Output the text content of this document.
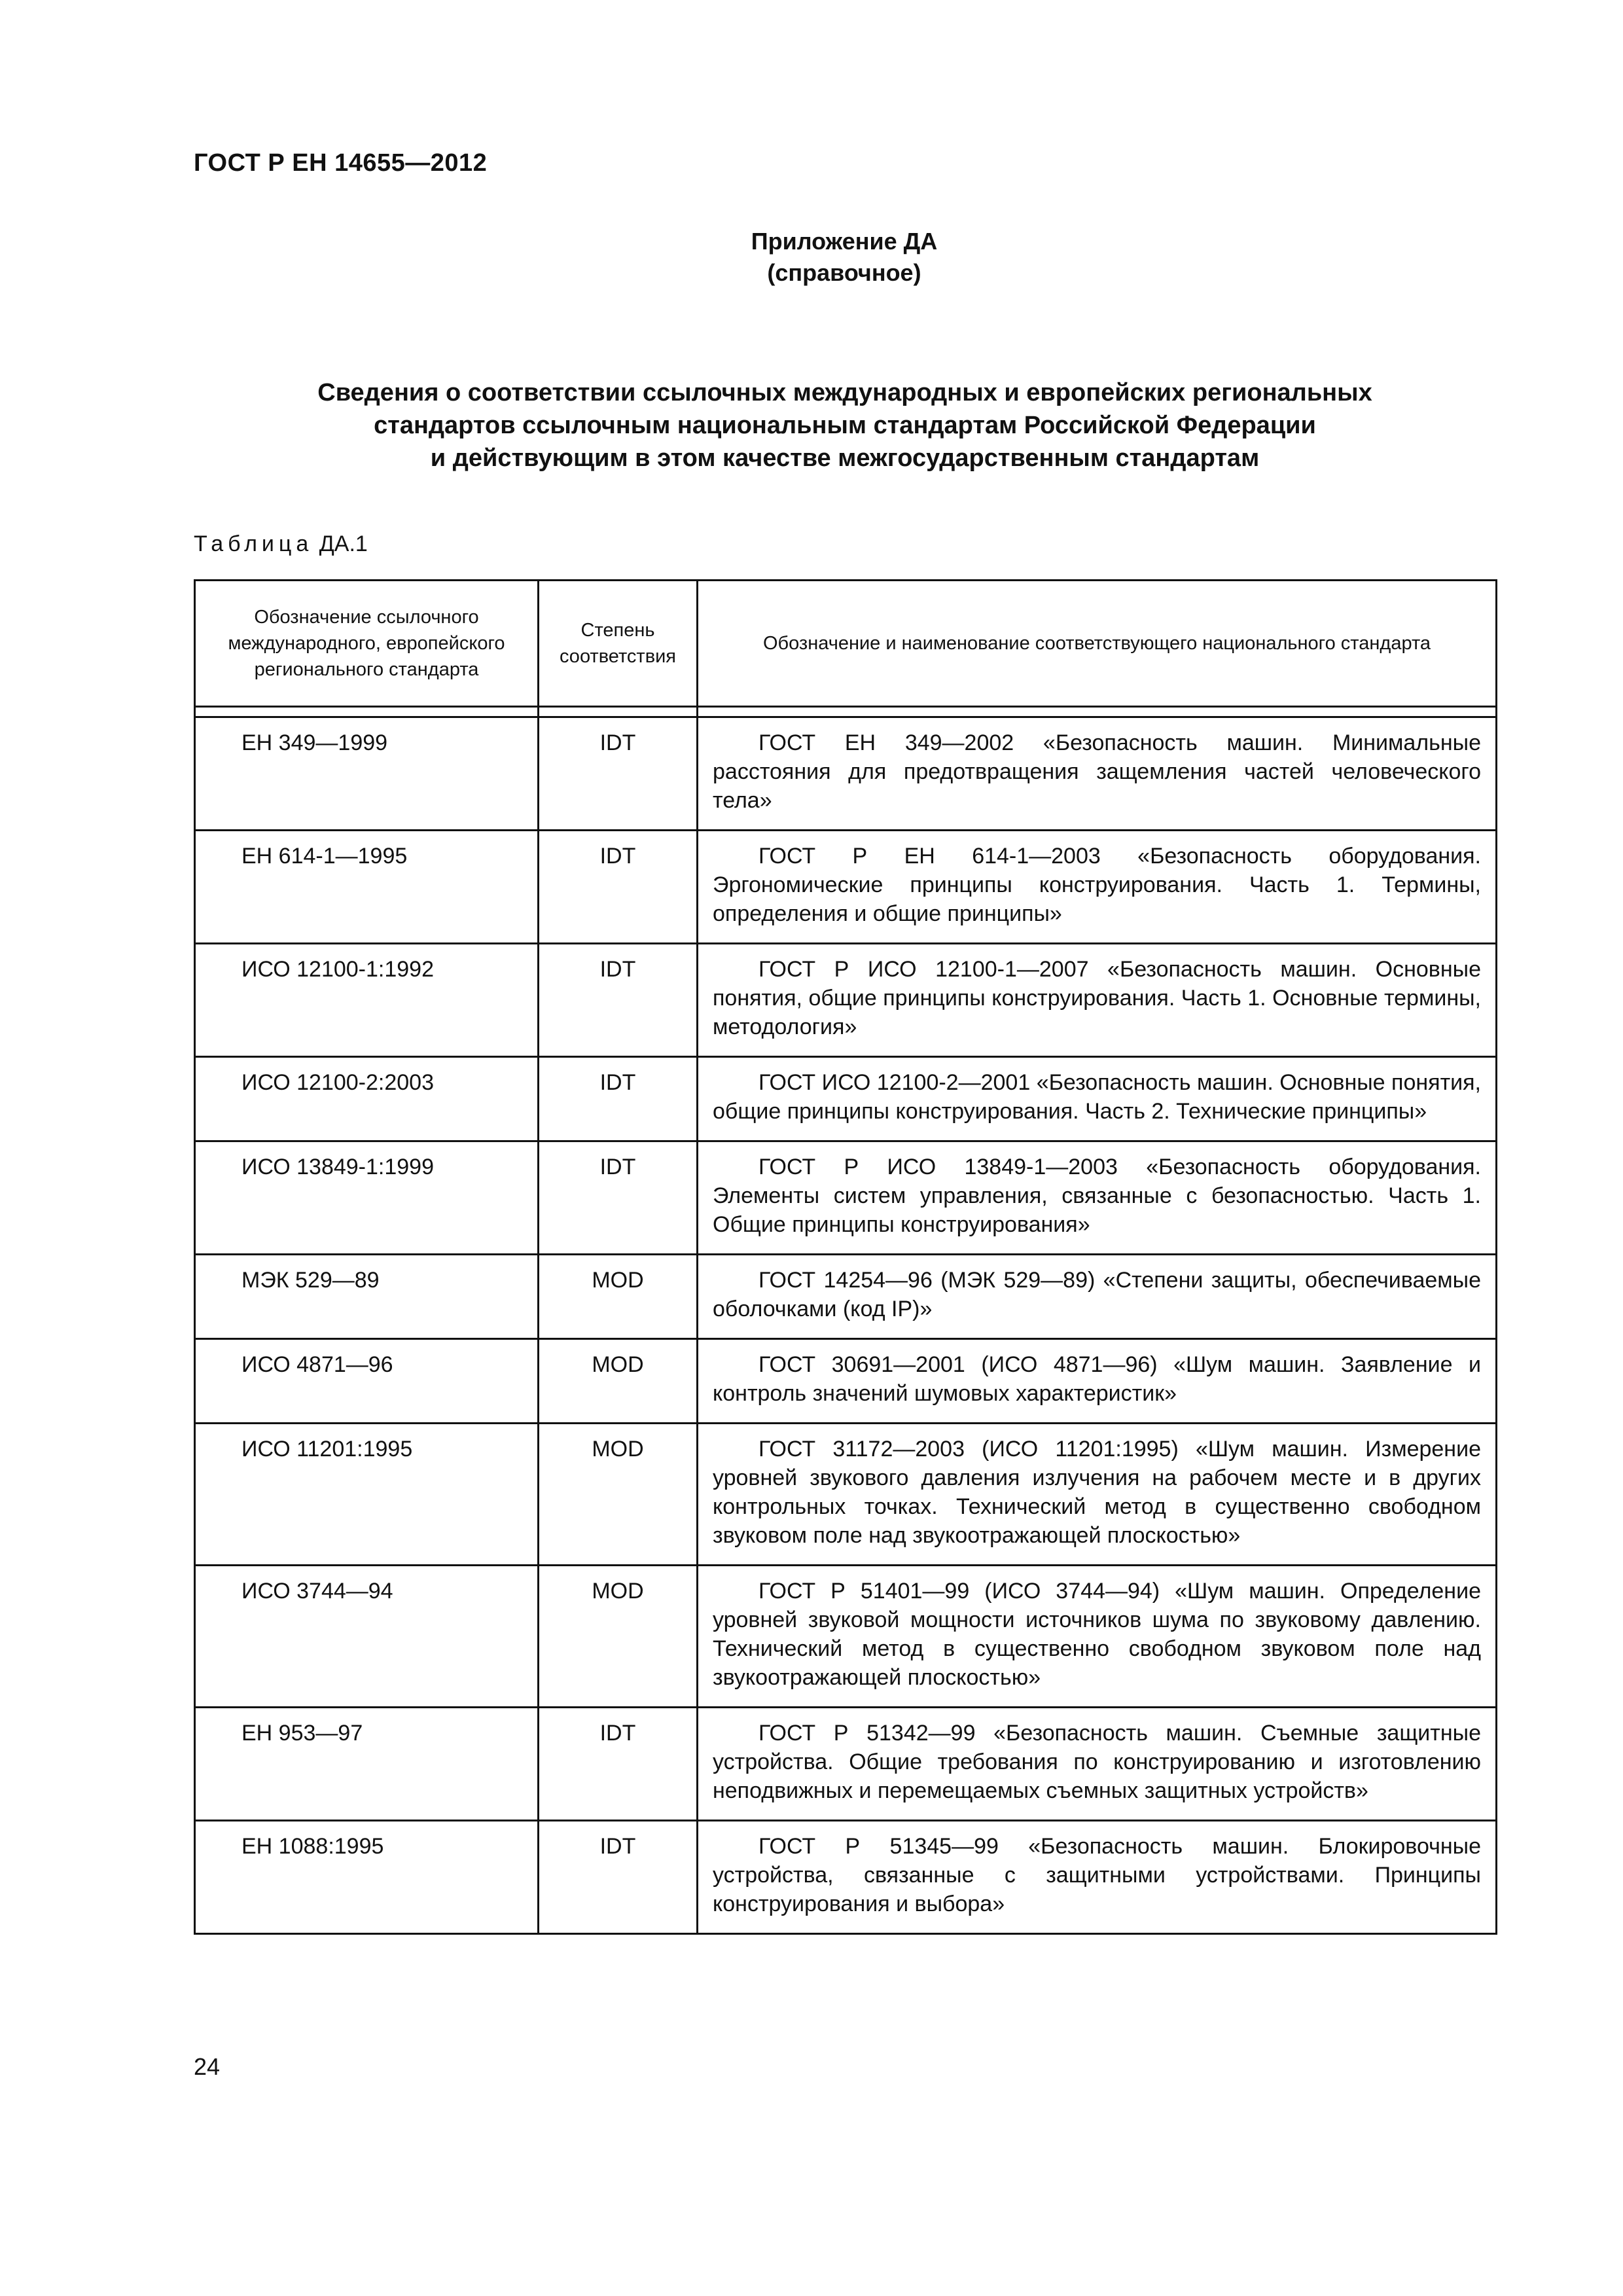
ГОСТ Р ЕН 14655—2012
Приложение ДА
(справочное)
Сведения о соответствии ссылочных международных и европейских региональных
стандартов ссылочным национальным стандартам Российской Федерации
и действующим в этом качестве межгосударственным стандартам
Таблица ДА.1
Обозначение ссылочного международного, европейского регионального стандарта	Степень соответствия	Обозначение и наименование соответствующего национального стандарта

ЕН 349—1999	IDT	ГОСТ ЕН 349—2002 «Безопасность машин. Минимальные расстояния для предотвращения защемления частей человеческого тела»

ЕН 614-1—1995	IDT	ГОСТ Р ЕН 614-1—2003 «Безопасность оборудования. Эргономические принципы конструирования. Часть 1. Термины, определения и общие принципы»

ИСО 12100-1:1992	IDT	ГОСТ Р ИСО 12100-1—2007 «Безопасность машин. Основные понятия, общие принципы конструирования. Часть 1. Основные термины, методология»

ИСО 12100-2:2003	IDT	ГОСТ ИСО 12100-2—2001 «Безопасность машин. Основные понятия, общие принципы конструирования. Часть 2. Технические принципы»

ИСО 13849-1:1999	IDT	ГОСТ Р ИСО 13849-1—2003 «Безопасность оборудования. Элементы систем управления, связанные с безопасностью. Часть 1. Общие принципы конструирования»

МЭК 529—89	MOD	ГОСТ 14254—96 (МЭК 529—89) «Степени защиты, обеспечиваемые оболочками (код IP)»

ИСО 4871—96	MOD	ГОСТ 30691—2001 (ИСО 4871—96) «Шум машин. Заявление и контроль значений шумовых характеристик»

ИСО 11201:1995	MOD	ГОСТ 31172—2003 (ИСО 11201:1995) «Шум машин. Измерение уровней звукового давления излучения на рабочем месте и в других контрольных точках. Технический метод в существенно свободном звуковом поле над звукоотражающей плоскостью»

ИСО 3744—94	MOD	ГОСТ Р 51401—99 (ИСО 3744—94) «Шум машин. Определение уровней звуковой мощности источников шума по звуковому давлению. Технический метод в существенно свободном звуковом поле над звукоотражающей плоскостью»

ЕН 953—97	IDT	ГОСТ Р 51342—99 «Безопасность машин. Съемные защитные устройства. Общие требования по конструированию и изготовлению неподвижных и перемещаемых съемных защитных устройств»

ЕН 1088:1995	IDT	ГОСТ Р 51345—99 «Безопасность машин. Блокировочные устройства, связанные с защитными устройствами. Принципы конструирования и выбора»
24
